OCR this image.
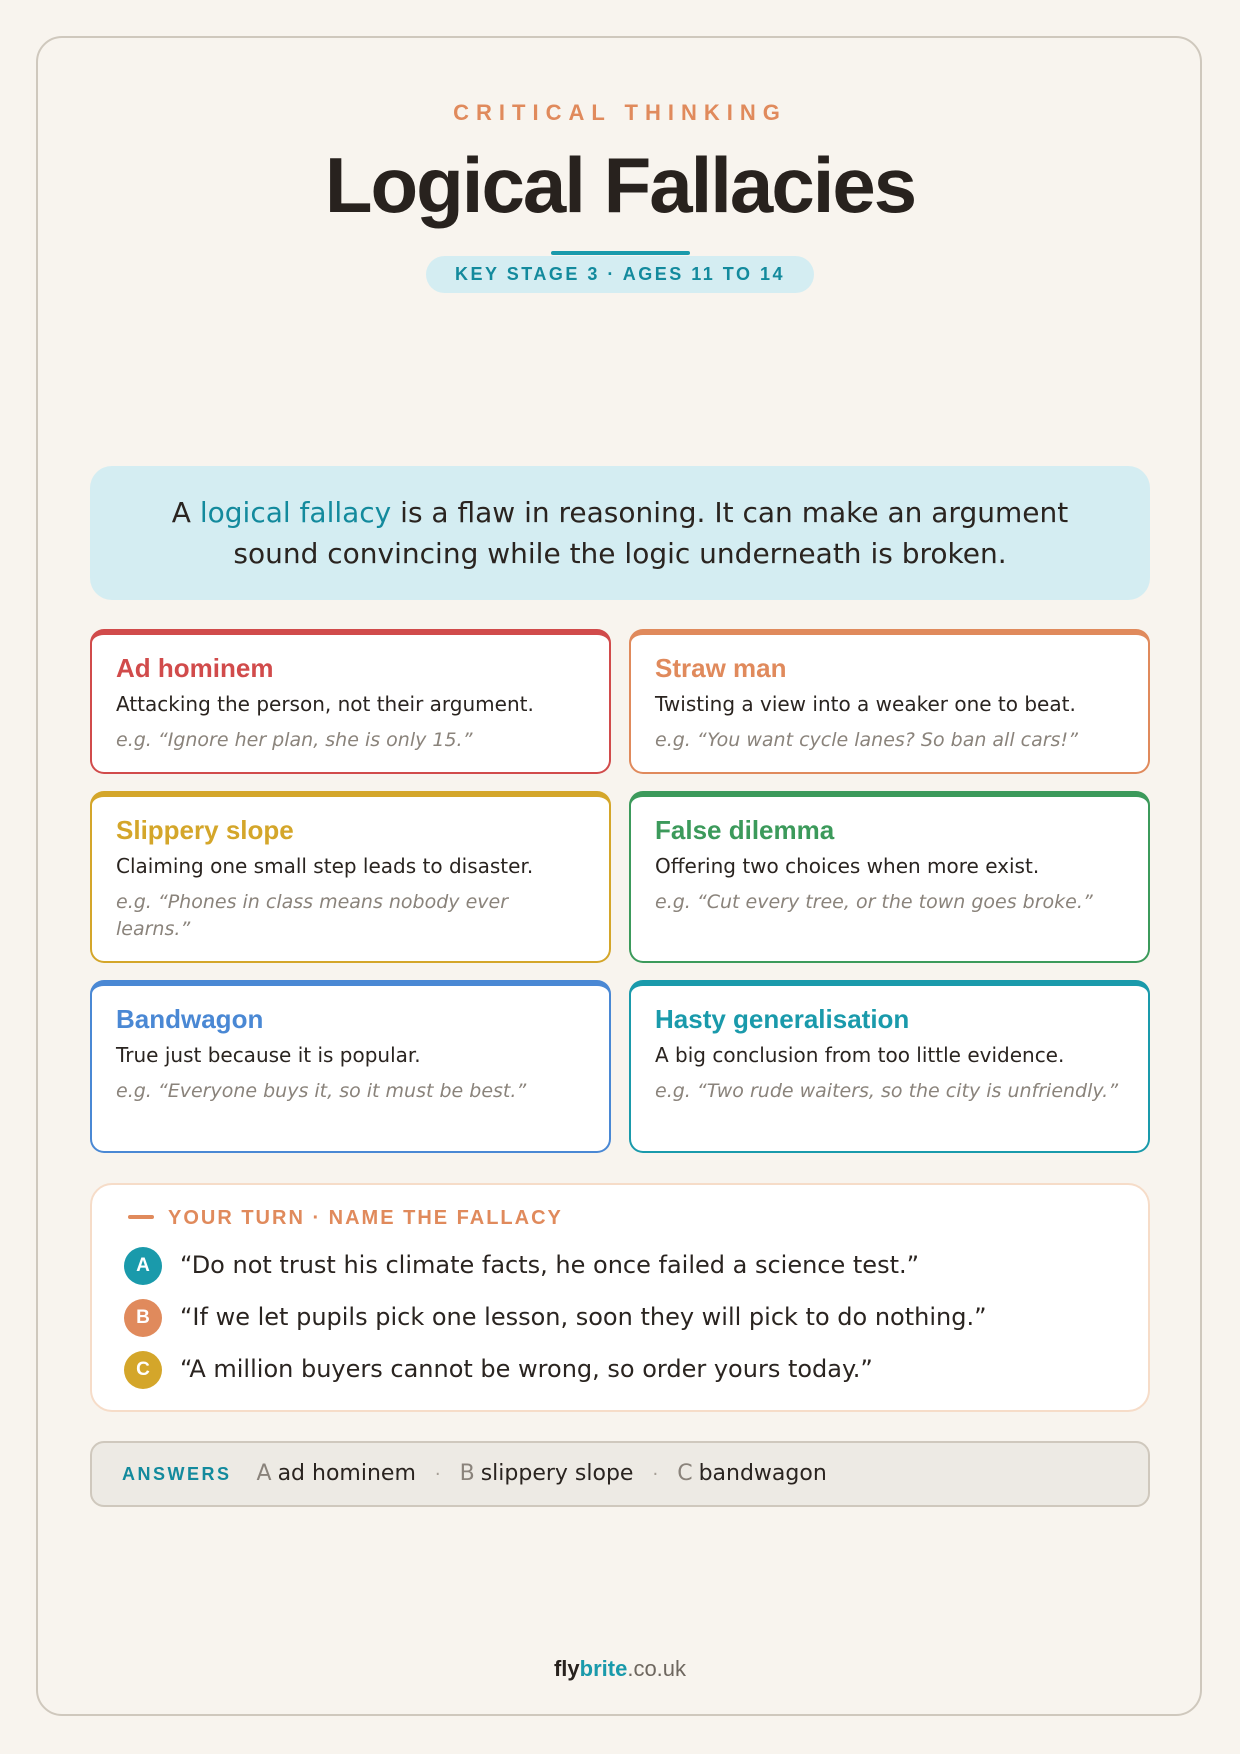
CRITICAL THINKING
Logical Fallacies
KEY STAGE 3 · AGES 11 TO 14
A logical fallacy is a flaw in reasoning. It can make an argument sound convincing while the logic underneath is broken.
Ad hominem
Attacking the person, not their argument.
e.g. “Ignore her plan, she is only 15.”
Straw man
Twisting a view into a weaker one to beat.
e.g. “You want cycle lanes? So ban all cars!”
Slippery slope
Claiming one small step leads to disaster.
e.g. “Phones in class means nobody ever learns.”
False dilemma
Offering two choices when more exist.
e.g. “Cut every tree, or the town goes broke.”
Bandwagon
True just because it is popular.
e.g. “Everyone buys it, so it must be best.”
Hasty generalisation
A big conclusion from too little evidence.
e.g. “Two rude waiters, so the city is unfriendly.”
YOUR TURN · NAME THE FALLACY
A “Do not trust his climate facts, he once failed a science test.”
B “If we let pupils pick one lesson, soon they will pick to do nothing.”
C “A million buyers cannot be wrong, so order yours today.”
ANSWERS A ad hominem · B slippery slope · C bandwagon
flybrite.co.uk
